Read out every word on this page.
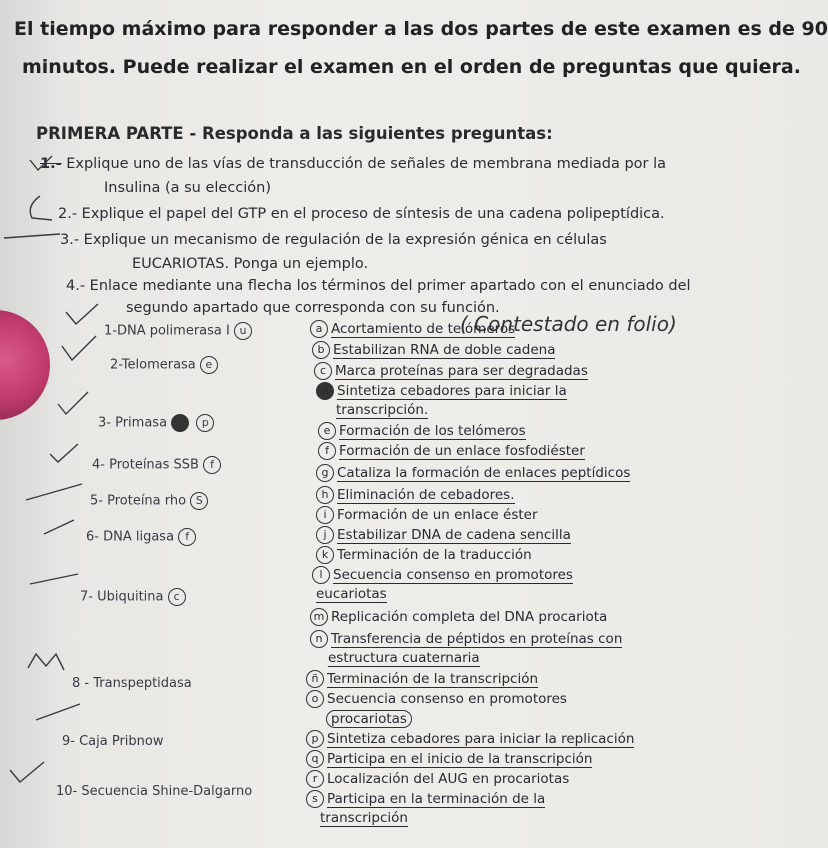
El tiempo máximo para responder a las dos partes de este examen es de 90
minutos. Puede realizar el examen en el orden de preguntas que quiera.
PRIMERA PARTE - Responda a las siguientes preguntas:
1.- Explique uno de las vías de transducción de señales de membrana mediada por la
Insulina (a su elección)
2.- Explique el papel del GTP en el proceso de síntesis de una cadena polipeptídica.
3.- Explique un mecanismo de regulación de la expresión génica en células
EUCARIOTAS. Ponga un ejemplo.
4.- Enlace mediante una flecha los términos del primer apartado con el enunciado del
segundo apartado que corresponda con su función.
( Contestado en folio)
1-DNA polimerasa I u
2-Telomerasa e
3- Primasa	p
4- Proteínas SSB f
5- Proteína rho S
6- DNA ligasa f
7- Ubiquitina c
8 - Transpeptidasa
9- Caja Pribnow
10- Secuencia Shine-Dalgarno
a Acortamiento de telómeros
b Estabilizan RNA de doble cadena
c Marca proteínas para ser degradadas
d Sintetiza cebadores para iniciar la
transcripción.
e Formación de los telómeros
f Formación de un enlace fosfodiéster
g Cataliza la formación de enlaces peptídicos
h Eliminación de cebadores.
i Formación de un enlace éster
j Estabilizar DNA de cadena sencilla
k Terminación de la traducción
l Secuencia consenso en promotores
eucariotas
m Replicación completa del DNA procariota
n Transferencia de péptidos en proteínas con
estructura cuaternaria
ñ Terminación de la transcripción
o Secuencia consenso en promotores
procariotas
p Sintetiza cebadores para iniciar la replicación
q Participa en el inicio de la transcripción
r Localización del AUG en procariotas
s Participa en la terminación de la
transcripción
